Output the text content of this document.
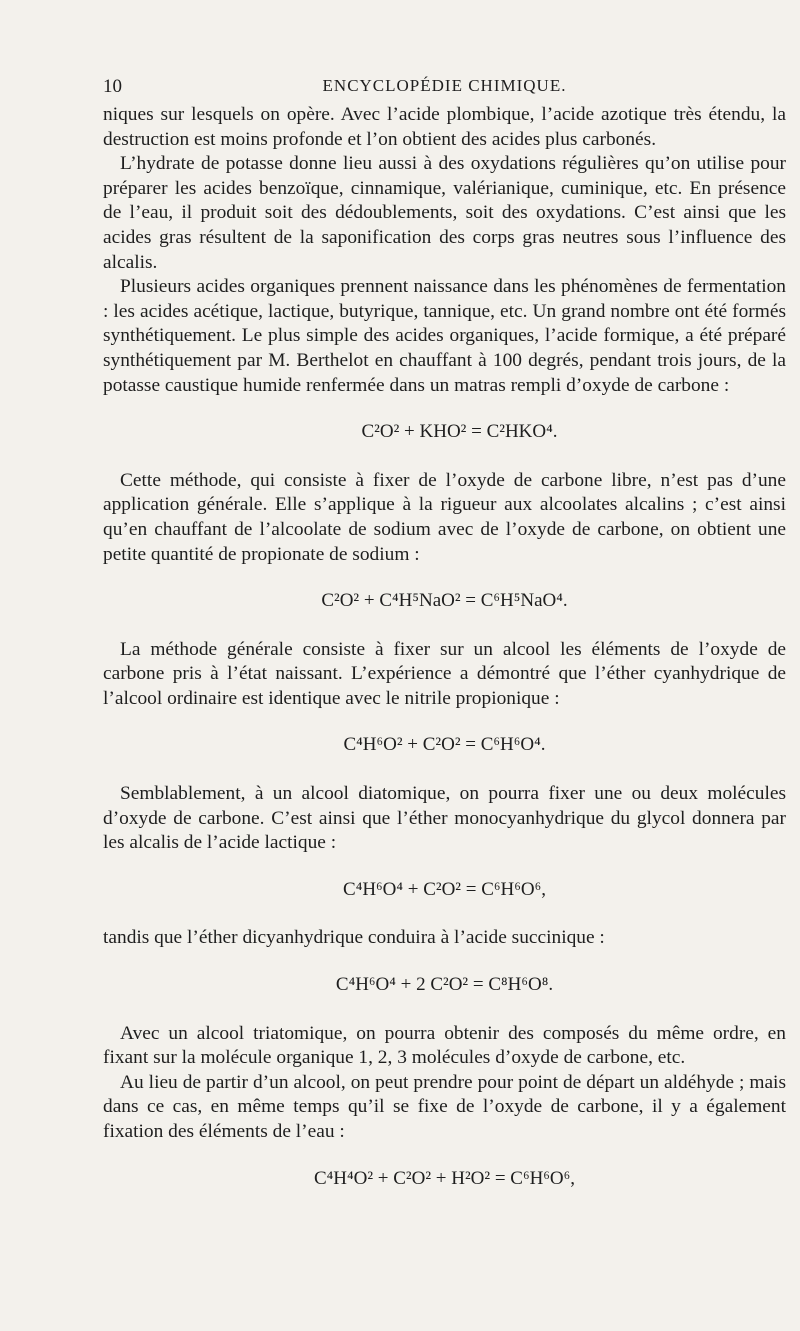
10	ENCYCLOPÉDIE CHIMIQUE.

niques sur lesquels on opère. Avec l’acide plombique, l’acide azotique très étendu, la destruction est moins profonde et l’on obtient des acides plus carbonés.

L’hydrate de potasse donne lieu aussi à des oxydations régulières qu’on utilise pour préparer les acides benzoïque, cinnamique, valérianique, cuminique, etc. En présence de l’eau, il produit soit des dédoublements, soit des oxydations. C’est ainsi que les acides gras résultent de la saponification des corps gras neutres sous l’influence des alcalis.

Plusieurs acides organiques prennent naissance dans les phénomènes de fermentation : les acides acétique, lactique, butyrique, tannique, etc. Un grand nombre ont été formés synthétiquement. Le plus simple des acides organiques, l’acide formique, a été préparé synthétiquement par M. Berthelot en chauffant à 100 degrés, pendant trois jours, de la potasse caustique humide renfermée dans un matras rempli d’oxyde de carbone :

C²O² + KHO² = C²HKO⁴.

Cette méthode, qui consiste à fixer de l’oxyde de carbone libre, n’est pas d’une application générale. Elle s’applique à la rigueur aux alcoolates alcalins ; c’est ainsi qu’en chauffant de l’alcoolate de sodium avec de l’oxyde de carbone, on obtient une petite quantité de propionate de sodium :

C²O² + C⁴H⁵NaO² = C⁶H⁵NaO⁴.

La méthode générale consiste à fixer sur un alcool les éléments de l’oxyde de carbone pris à l’état naissant. L’expérience a démontré que l’éther cyanhydrique de l’alcool ordinaire est identique avec le nitrile propionique :

C⁴H⁶O² + C²O² = C⁶H⁶O⁴.

Semblablement, à un alcool diatomique, on pourra fixer une ou deux molécules d’oxyde de carbone. C’est ainsi que l’éther monocyanhydrique du glycol donnera par les alcalis de l’acide lactique :

C⁴H⁶O⁴ + C²O² = C⁶H⁶O⁶,

tandis que l’éther dicyanhydrique conduira à l’acide succinique :

C⁴H⁶O⁴ + 2 C²O² = C⁸H⁶O⁸.

Avec un alcool triatomique, on pourra obtenir des composés du même ordre, en fixant sur la molécule organique 1, 2, 3 molécules d’oxyde de carbone, etc.

Au lieu de partir d’un alcool, on peut prendre pour point de départ un aldéhyde ; mais dans ce cas, en même temps qu’il se fixe de l’oxyde de carbone, il y a également fixation des éléments de l’eau :

C⁴H⁴O² + C²O² + H²O² = C⁶H⁶O⁶,
